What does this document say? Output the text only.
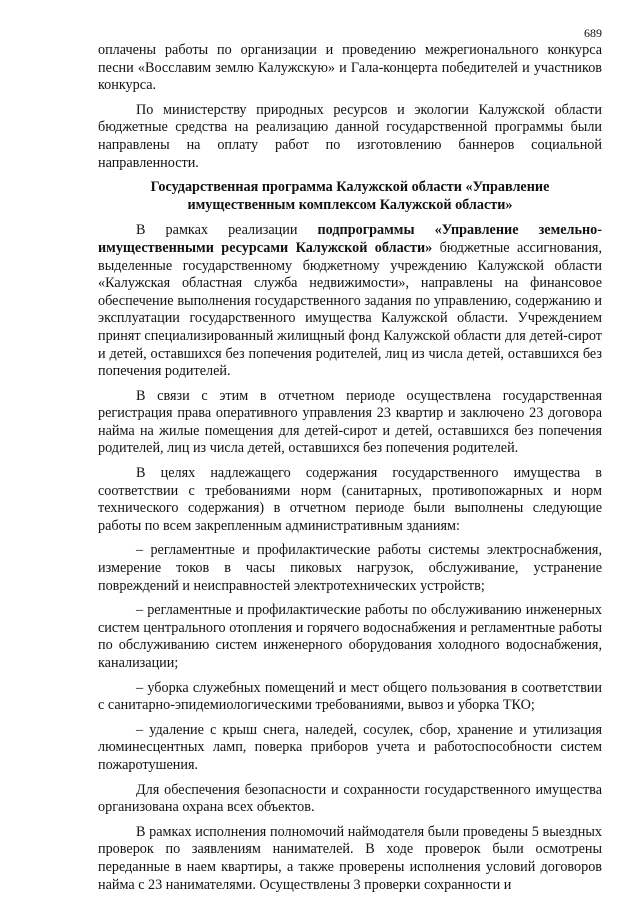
689

оплачены работы по организации и проведению межрегионального конкурса песни «Восславим землю Калужскую» и Гала-концерта победителей и участников конкурса.

По министерству природных ресурсов и экологии Калужской области бюджетные средства на реализацию данной государственной программы были направлены на оплату работ по изготовлению баннеров социальной направленности.

Государственная программа Калужской области «Управление имущественным комплексом Калужской области»

В рамках реализации подпрограммы «Управление земельно-имущественными ресурсами Калужской области» бюджетные ассигнования, выделенные государственному бюджетному учреждению Калужской области «Калужская областная служба недвижимости», направлены на финансовое обеспечение выполнения государственного задания по управлению, содержанию и эксплуатации государственного имущества Калужской области. Учреждением принят специализированный жилищный фонд Калужской области для детей-сирот и детей, оставшихся без попечения родителей, лиц из числа детей, оставшихся без попечения родителей.

В связи с этим в отчетном периоде осуществлена государственная регистрация права оперативного управления 23 квартир и заключено 23 договора найма на жилые помещения для детей-сирот и детей, оставшихся без попечения родителей, лиц из числа детей, оставшихся без попечения родителей.

В целях надлежащего содержания государственного имущества в соответствии с требованиями норм (санитарных, противопожарных и норм технического содержания) в отчетном периоде были выполнены следующие работы по всем закрепленным административным зданиям:

– регламентные и профилактические работы системы электроснабжения, измерение токов в часы пиковых нагрузок, обслуживание, устранение повреждений и неисправностей электротехнических устройств;

– регламентные и профилактические работы по обслуживанию инженерных систем центрального отопления и горячего водоснабжения и регламентные работы по обслуживанию систем инженерного оборудования холодного водоснабжения, канализации;

– уборка служебных помещений и мест общего пользования в соответствии с санитарно-эпидемиологическими требованиями, вывоз и уборка ТКО;

– удаление с крыш снега, наледей, сосулек, сбор, хранение и утилизация люминесцентных ламп, поверка приборов учета и работоспособности систем пожаротушения.

Для обеспечения безопасности и сохранности государственного имущества организована охрана всех объектов.

В рамках исполнения полномочий наймодателя были проведены 5 выездных проверок по заявлениям нанимателей. В ходе проверок были осмотрены переданные в наем квартиры, а также проверены исполнения условий договоров найма с 23 нанимателями. Осуществлены 3 проверки сохранности и
